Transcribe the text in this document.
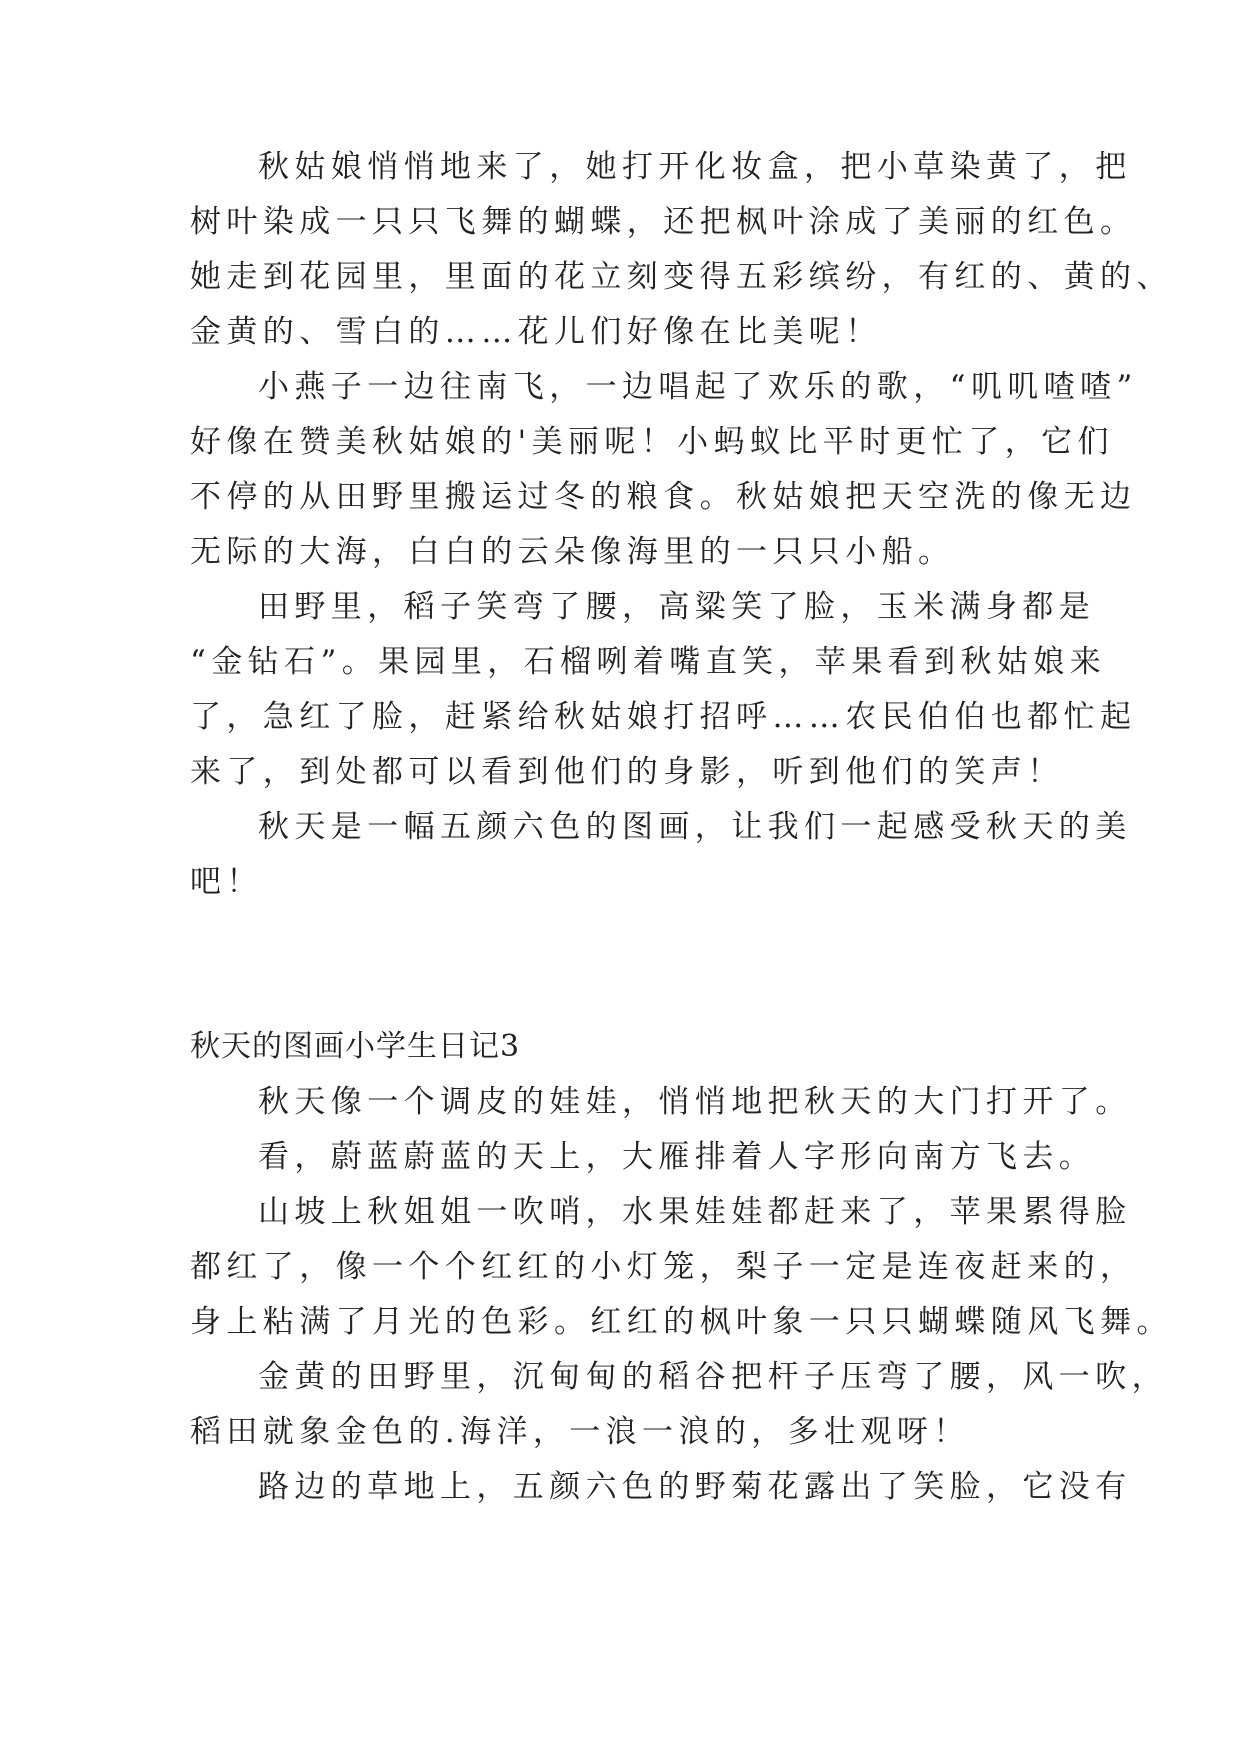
秋姑娘悄悄地来了，她打开化妆盒，把小草染黄了，把
树叶染成一只只飞舞的蝴蝶，还把枫叶涂成了美丽的红色。
她走到花园里，里面的花立刻变得五彩缤纷，有红的、黄的、
金黄的、雪白的……花儿们好像在比美呢！
小燕子一边往南飞，一边唱起了欢乐的歌，“叽叽喳喳”
好像在赞美秋姑娘的'美丽呢！小蚂蚁比平时更忙了，它们
不停的从田野里搬运过冬的粮食。秋姑娘把天空洗的像无边
无际的大海，白白的云朵像海里的一只只小船。
田野里，稻子笑弯了腰，高粱笑了脸，玉米满身都是
“金钻石”。果园里，石榴咧着嘴直笑，苹果看到秋姑娘来
了，急红了脸，赶紧给秋姑娘打招呼……农民伯伯也都忙起
来了，到处都可以看到他们的身影，听到他们的笑声！
秋天是一幅五颜六色的图画，让我们一起感受秋天的美
吧！
秋天的图画小学生日记3
秋天像一个调皮的娃娃，悄悄地把秋天的大门打开了。
看，蔚蓝蔚蓝的天上，大雁排着人字形向南方飞去。
山坡上秋姐姐一吹哨，水果娃娃都赶来了，苹果累得脸
都红了，像一个个红红的小灯笼，梨子一定是连夜赶来的，
身上粘满了月光的色彩。红红的枫叶象一只只蝴蝶随风飞舞。
金黄的田野里，沉甸甸的稻谷把杆子压弯了腰，风一吹，
稻田就象金色的.海洋，一浪一浪的，多壮观呀！
路边的草地上，五颜六色的野菊花露出了笑脸，它没有
